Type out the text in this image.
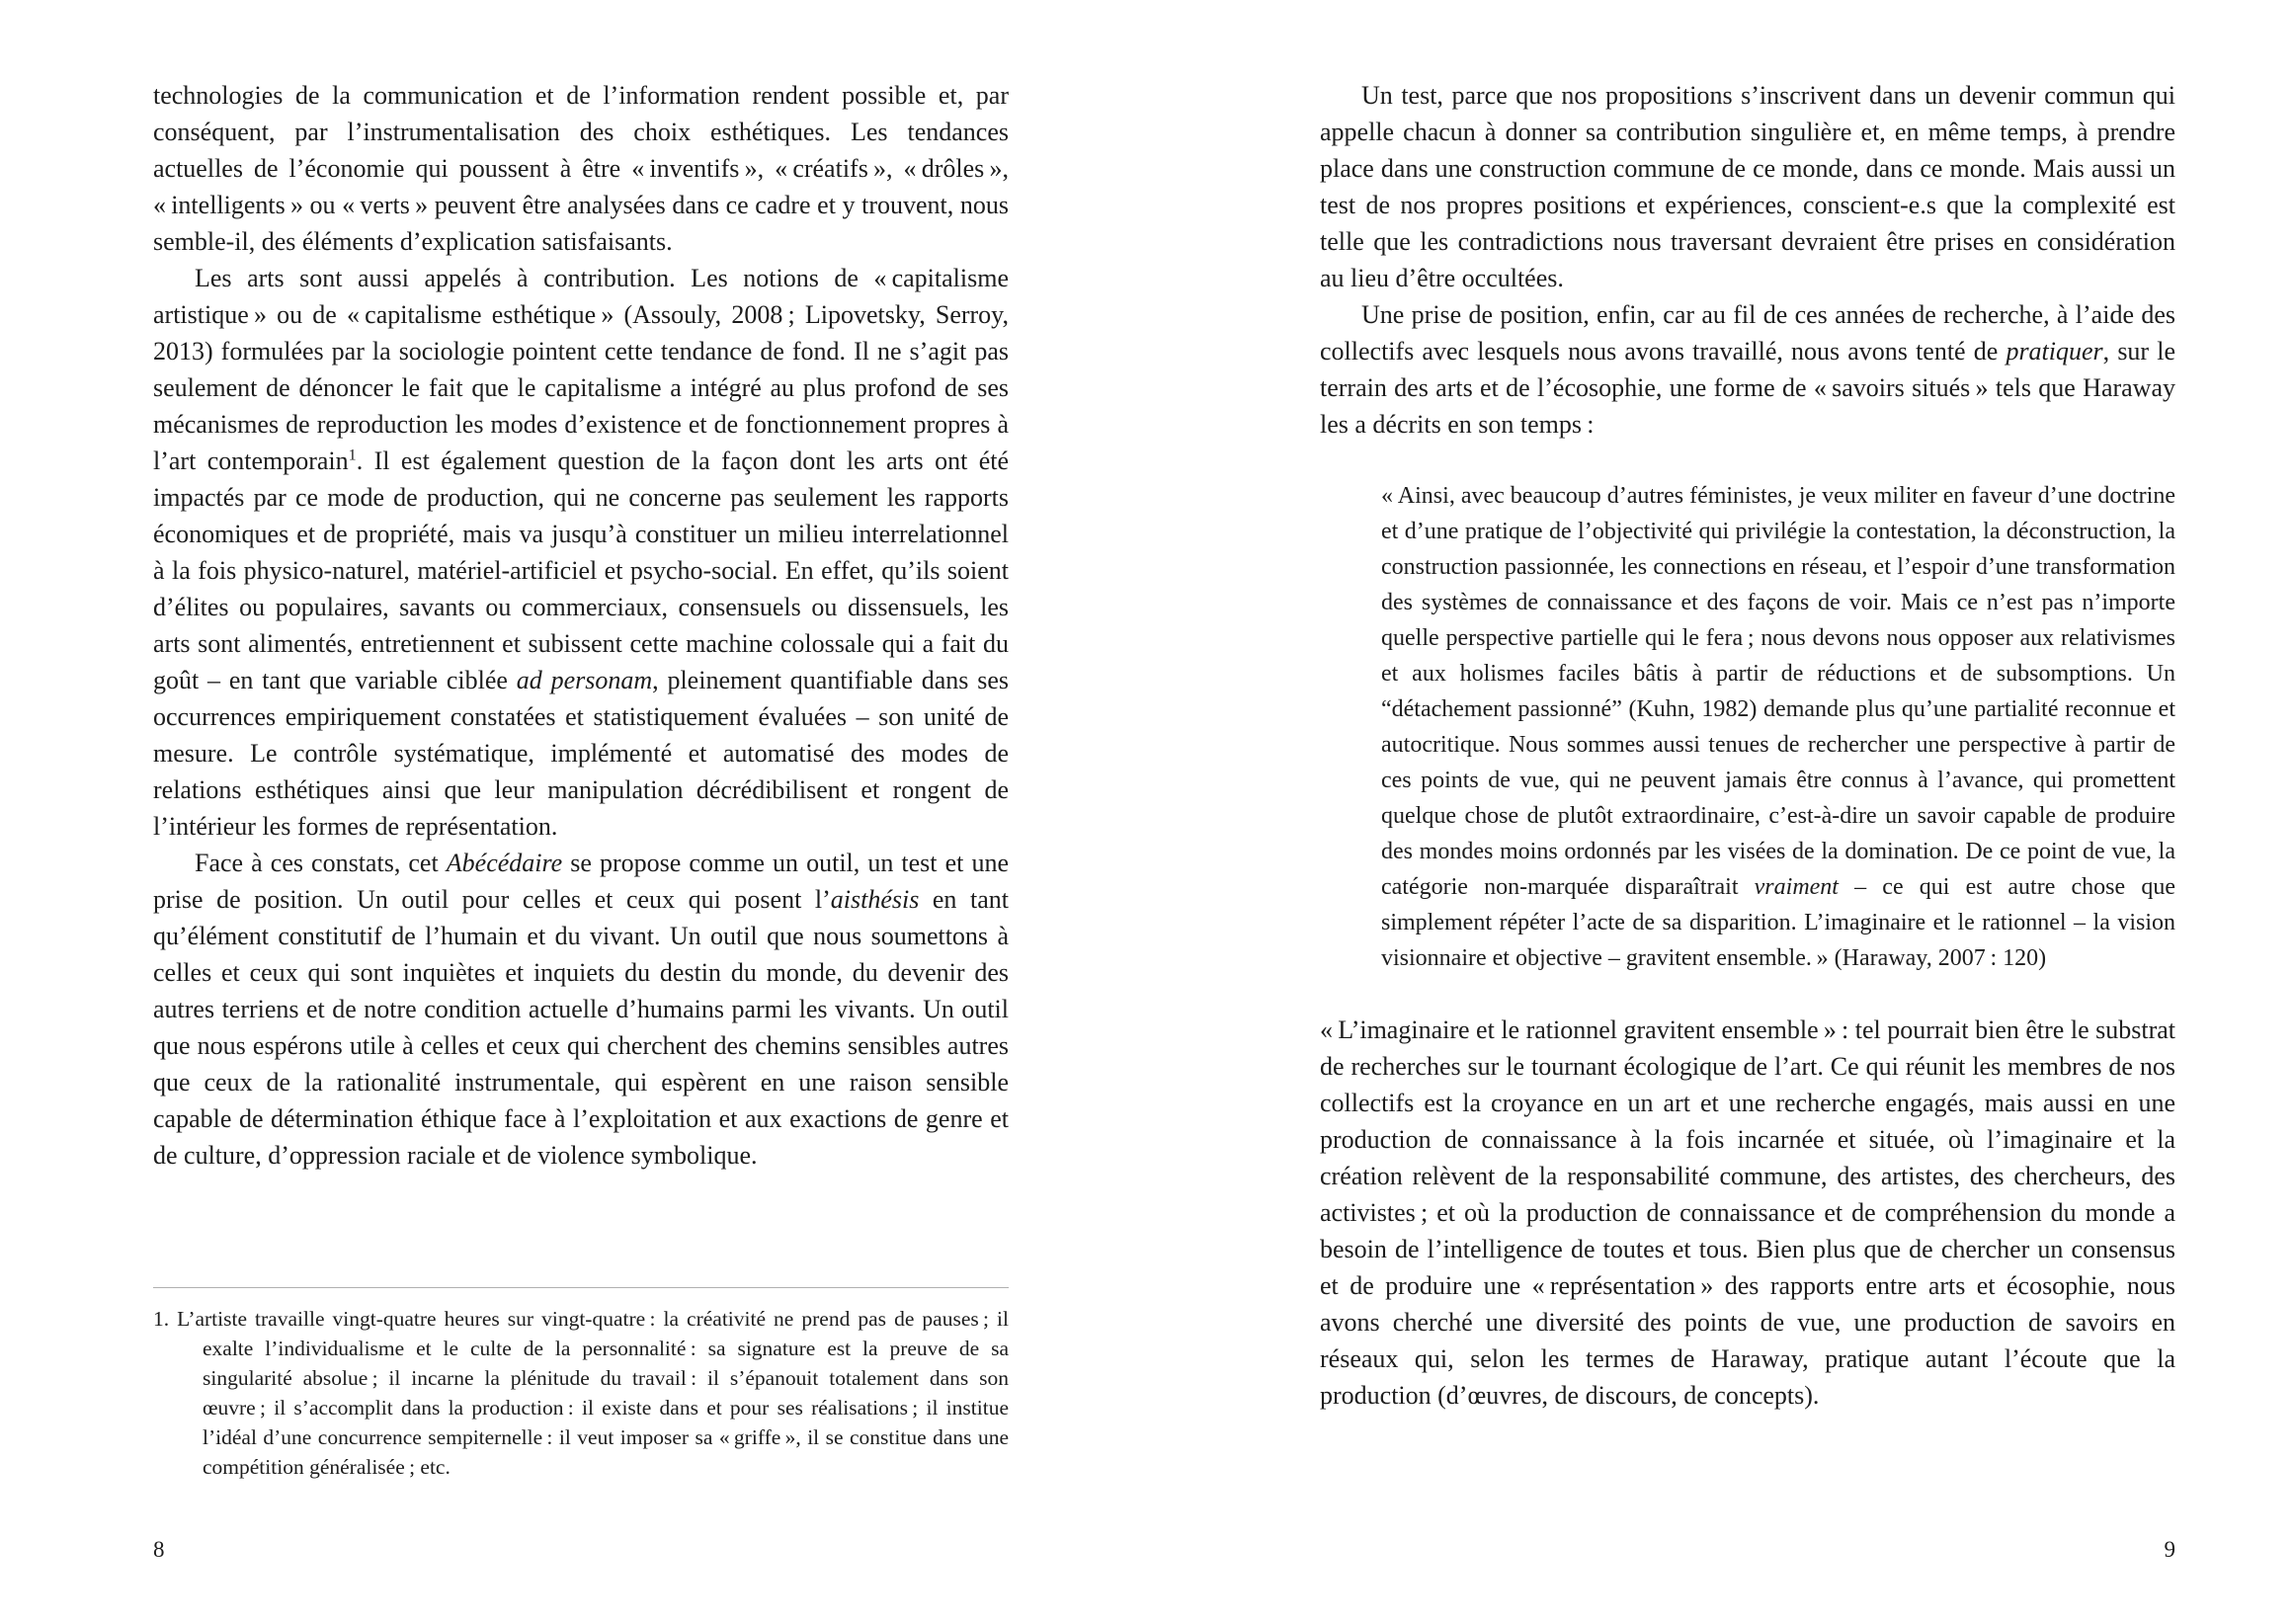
technologies de la communication et de l’information rendent possible et, par conséquent, par l’instrumentalisation des choix esthétiques. Les tendances actuelles de l’économie qui poussent à être « inventifs », « créatifs », « drôles », « intelligents » ou « verts » peuvent être analysées dans ce cadre et y trouvent, nous semble-il, des éléments d’explication satisfaisants.

Les arts sont aussi appelés à contribution. Les notions de « capitalisme artistique » ou de « capitalisme esthétique » (Assouly, 2008 ; Lipovetsky, Serroy, 2013) formulées par la sociologie pointent cette tendance de fond. Il ne s’agit pas seulement de dénoncer le fait que le capitalisme a intégré au plus profond de ses mécanismes de reproduction les modes d’existence et de fonctionnement propres à l’art contemporain$^1$. Il est également question de la façon dont les arts ont été impactés par ce mode de production, qui ne concerne pas seulement les rapports économiques et de propriété, mais va jusqu’à constituer un milieu interrelationnel à la fois physico-naturel, matériel-artificiel et psycho-social. En effet, qu’ils soient d’élites ou populaires, savants ou commerciaux, consensuels ou dissensuels, les arts sont alimentés, entretiennent et subissent cette machine colossale qui a fait du goût – en tant que variable ciblée ad personam, pleinement quantifiable dans ses occurrences empiriquement constatées et statistiquement évaluées – son unité de mesure. Le contrôle systématique, implémenté et automatisé des modes de relations esthétiques ainsi que leur manipulation décrédibilisent et rongent de l’intérieur les formes de représentation.

Face à ces constats, cet Abécédaire se propose comme un outil, un test et une prise de position. Un outil pour celles et ceux qui posent l’aisthésis en tant qu’élément constitutif de l’humain et du vivant. Un outil que nous soumettons à celles et ceux qui sont inquiètes et inquiets du destin du monde, du devenir des autres terriens et de notre condition actuelle d’humains parmi les vivants. Un outil que nous espérons utile à celles et ceux qui cherchent des chemins sensibles autres que ceux de la rationalité instrumentale, qui espèrent en une raison sensible capable de détermination éthique face à l’exploitation et aux exactions de genre et de culture, d’oppression raciale et de violence symbolique.

1. L’artiste travaille vingt-quatre heures sur vingt-quatre : la créativité ne prend pas de pauses ; il exalte l’individualisme et le culte de la personnalité : sa signature est la preuve de sa singularité absolue ; il incarne la plénitude du travail : il s’épanouit totalement dans son œuvre ; il s’accomplit dans la production : il existe dans et pour ses réalisations ; il institue l’idéal d’une concurrence sempiternelle : il veut imposer sa « griffe », il se constitue dans une compétition généralisée ; etc.

8

Un test, parce que nos propositions s’inscrivent dans un devenir commun qui appelle chacun à donner sa contribution singulière et, en même temps, à prendre place dans une construction commune de ce monde, dans ce monde. Mais aussi un test de nos propres positions et expériences, conscient-e.s que la complexité est telle que les contradictions nous traversant devraient être prises en considération au lieu d’être occultées.

Une prise de position, enfin, car au fil de ces années de recherche, à l’aide des collectifs avec lesquels nous avons travaillé, nous avons tenté de pratiquer, sur le terrain des arts et de l’écosophie, une forme de « savoirs situés » tels que Haraway les a décrits en son temps :

« Ainsi, avec beaucoup d’autres féministes, je veux militer en faveur d’une doctrine et d’une pratique de l’objectivité qui privilégie la contestation, la déconstruction, la construction passionnée, les connections en réseau, et l’espoir d’une transformation des systèmes de connaissance et des façons de voir. Mais ce n’est pas n’importe quelle perspective partielle qui le fera ; nous devons nous opposer aux relativismes et aux holismes faciles bâtis à partir de réductions et de subsomptions. Un “détachement passionné” (Kuhn, 1982) demande plus qu’une partialité reconnue et autocritique. Nous sommes aussi tenues de rechercher une perspective à partir de ces points de vue, qui ne peuvent jamais être connus à l’avance, qui promettent quelque chose de plutôt extraordinaire, c’est-à-dire un savoir capable de produire des mondes moins ordonnés par les visées de la domination. De ce point de vue, la catégorie non-marquée disparaîtrait vraiment – ce qui est autre chose que simplement répéter l’acte de sa disparition. L’imaginaire et le rationnel – la vision visionnaire et objective – gravitent ensemble. » (Haraway, 2007 : 120)

« L’imaginaire et le rationnel gravitent ensemble » : tel pourrait bien être le substrat de recherches sur le tournant écologique de l’art. Ce qui réunit les membres de nos collectifs est la croyance en un art et une recherche engagés, mais aussi en une production de connaissance à la fois incarnée et située, où l’imaginaire et la création relèvent de la responsabilité commune, des artistes, des chercheurs, des activistes ; et où la production de connaissance et de compréhension du monde a besoin de l’intelligence de toutes et tous. Bien plus que de chercher un consensus et de produire une « représentation » des rapports entre arts et écosophie, nous avons cherché une diversité des points de vue, une production de savoirs en réseaux qui, selon les termes de Haraway, pratique autant l’écoute que la production (d’œuvres, de discours, de concepts).

9
